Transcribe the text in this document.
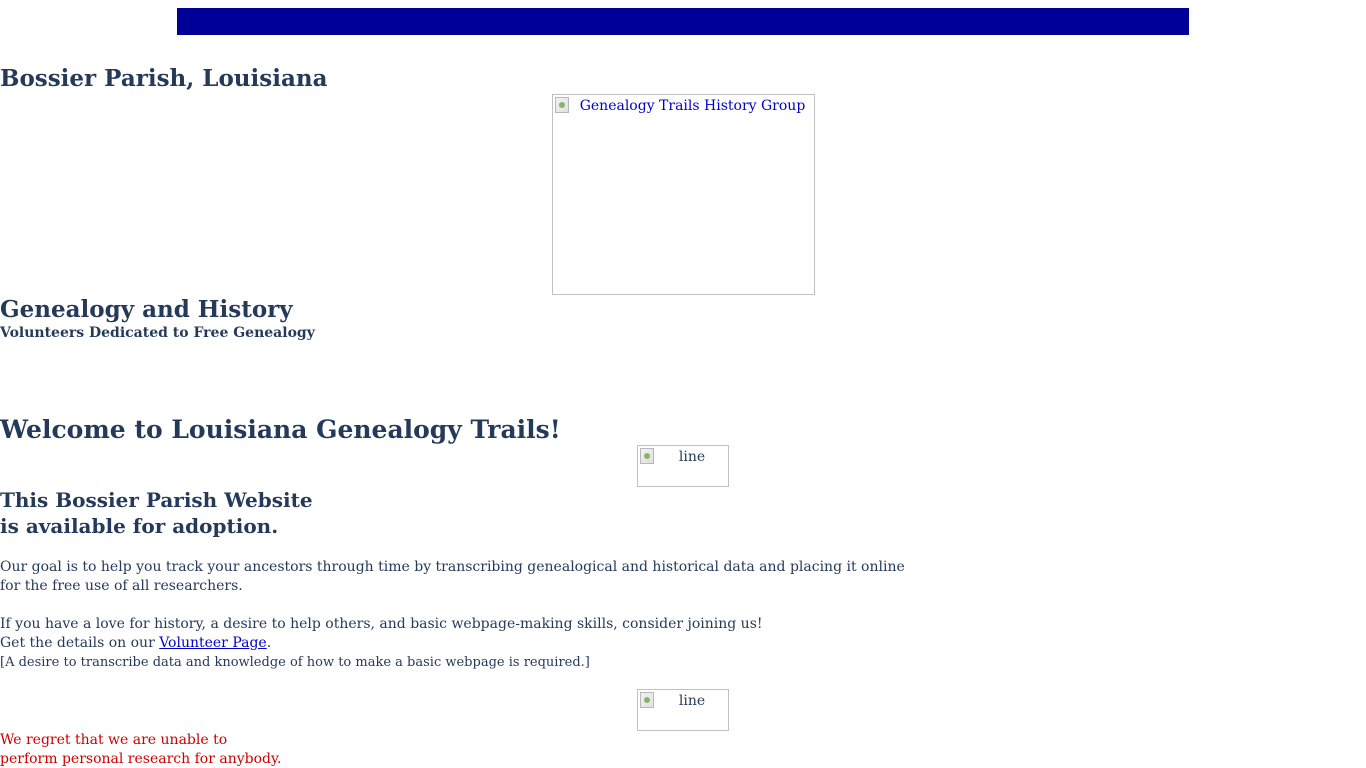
Bossier Parish, Louisiana
Genealogy Trails History Group
Genealogy and History
Volunteers Dedicated to Free Genealogy
Welcome to Louisiana Genealogy Trails!
line
This Bossier Parish Website
is available for adoption.
Our goal is to help you track your ancestors through time by transcribing genealogical and historical data and placing it online
for the free use of all researchers.
If you have a love for history, a desire to help others, and basic webpage-making skills, consider joining us!
Get the details on our Volunteer Page.
[A desire to transcribe data and knowledge of how to make a basic webpage is required.]
line
We regret that we are unable to
perform personal research for anybody.
